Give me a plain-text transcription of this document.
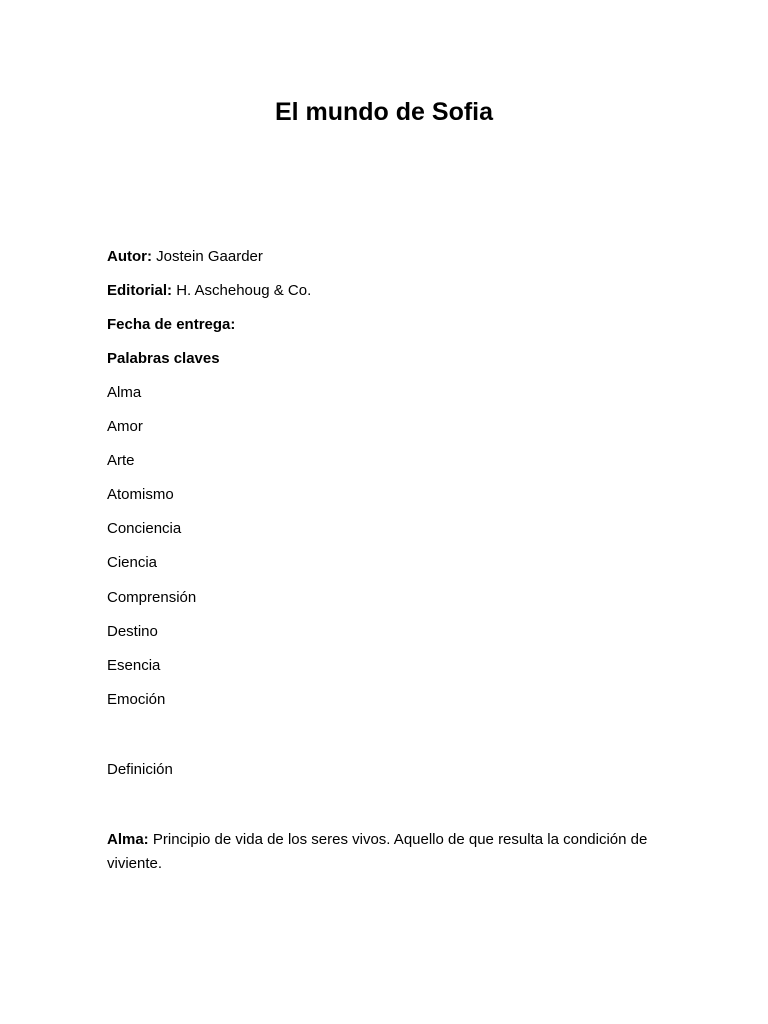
El mundo de Sofia
Autor: Jostein Gaarder
Editorial: H. Aschehoug & Co.
Fecha de entrega:
Palabras claves
Alma
Amor
Arte
Atomismo
Conciencia
Ciencia
Comprensión
Destino
Esencia
Emoción
Definición
Alma: Principio de vida de los seres vivos. Aquello de que resulta la condición de viviente.
